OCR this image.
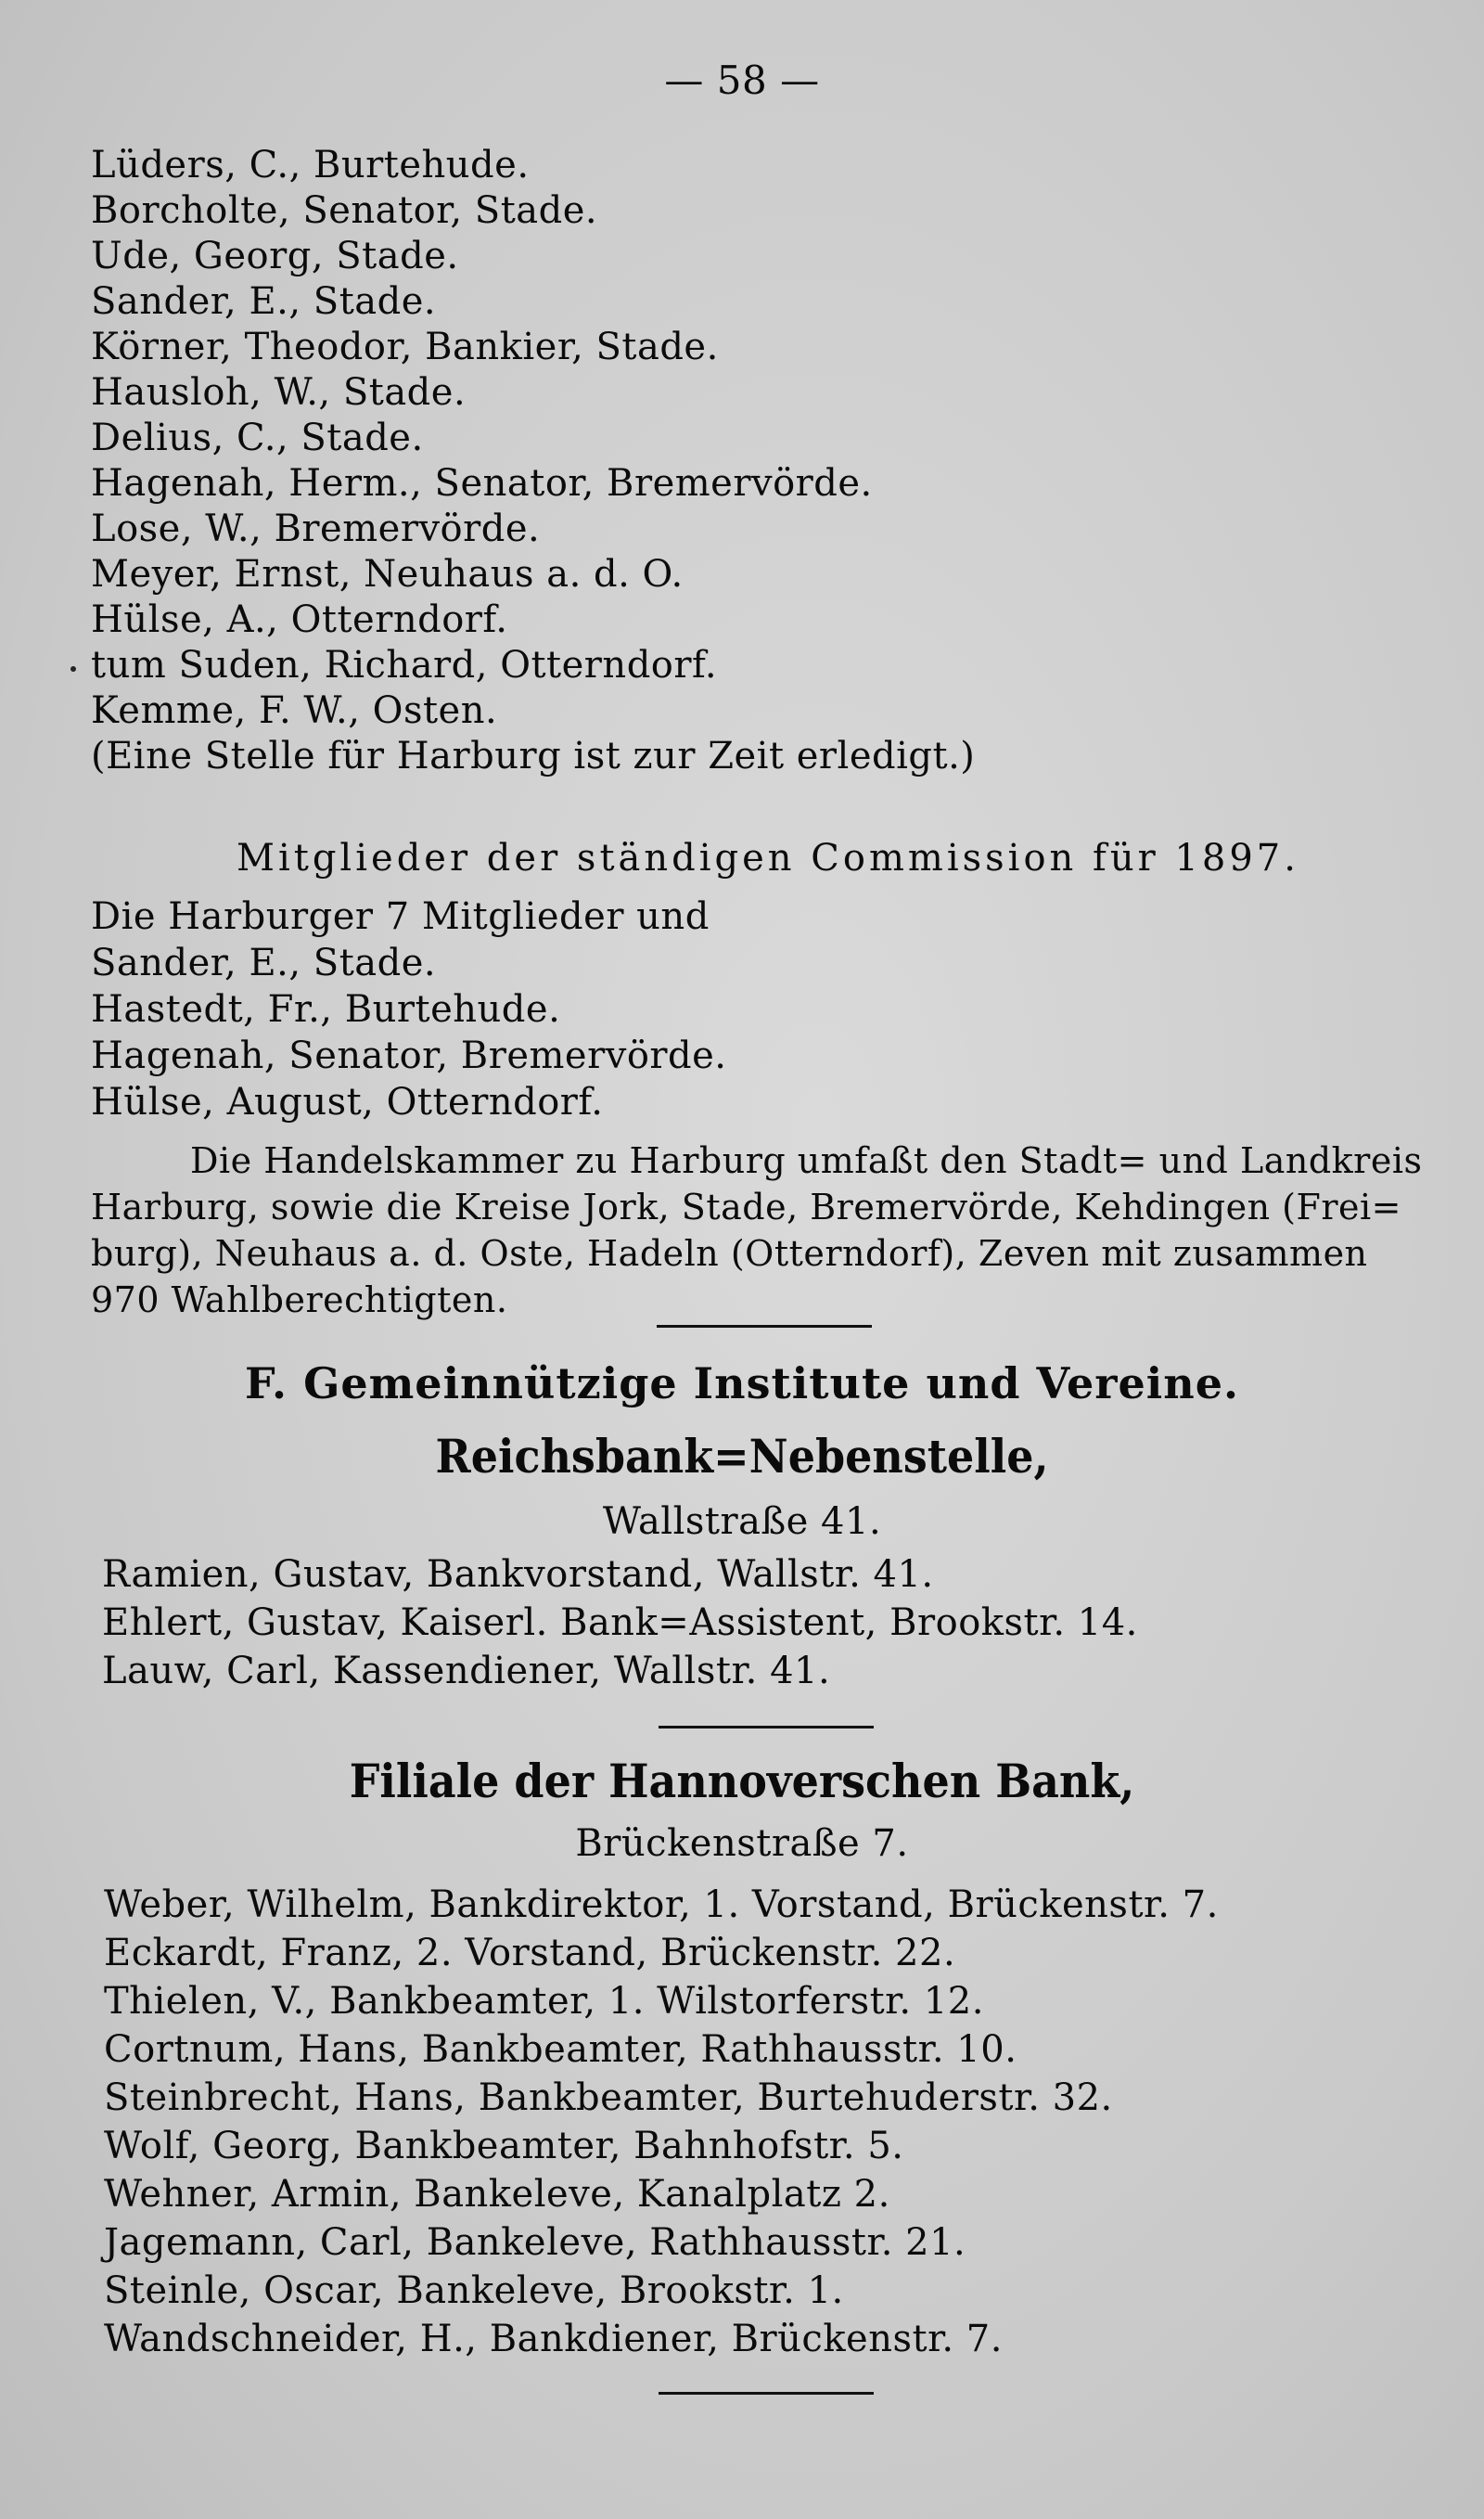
— 58 —
Lüders, C., Burtehude.
Borcholte, Senator, Stade.
Ude, Georg, Stade.
Sander, E., Stade.
Körner, Theodor, Bankier, Stade.
Hausloh, W., Stade.
Delius, C., Stade.
Hagenah, Herm., Senator, Bremervörde.
Lose, W., Bremervörde.
Meyer, Ernst, Neuhaus a. d. O.
Hülse, A., Otterndorf.
tum Suden, Richard, Otterndorf.
Kemme, F. W., Osten.
(Eine Stelle für Harburg ist zur Zeit erledigt.)
Mitglieder der ständigen Commission für 1897.
Die Harburger 7 Mitglieder und
Sander, E., Stade.
Hastedt, Fr., Burtehude.
Hagenah, Senator, Bremervörde.
Hülse, August, Otterndorf.
Die Handelskammer zu Harburg umfaßt den Stadt= und Landkreis
Harburg, sowie die Kreise Jork, Stade, Bremervörde, Kehdingen (Frei=
burg), Neuhaus a. d. Oste, Hadeln (Otterndorf), Zeven mit zusammen
970 Wahlberechtigten.
F. Gemeinnützige Institute und Vereine.
Reichsbank=Nebenstelle,
Wallstraße 41.
Ramien, Gustav, Bankvorstand, Wallstr. 41.
Ehlert, Gustav, Kaiserl. Bank=Assistent, Brookstr. 14.
Lauw, Carl, Kassendiener, Wallstr. 41.
Filiale der Hannoverschen Bank,
Brückenstraße 7.
Weber, Wilhelm, Bankdirektor, 1. Vorstand, Brückenstr. 7.
Eckardt, Franz, 2. Vorstand, Brückenstr. 22.
Thielen, V., Bankbeamter, 1. Wilstorferstr. 12.
Cortnum, Hans, Bankbeamter, Rathhausstr. 10.
Steinbrecht, Hans, Bankbeamter, Burtehuderstr. 32.
Wolf, Georg, Bankbeamter, Bahnhofstr. 5.
Wehner, Armin, Bankeleve, Kanalplatz 2.
Jagemann, Carl, Bankeleve, Rathhausstr. 21.
Steinle, Oscar, Bankeleve, Brookstr. 1.
Wandschneider, H., Bankdiener, Brückenstr. 7.
